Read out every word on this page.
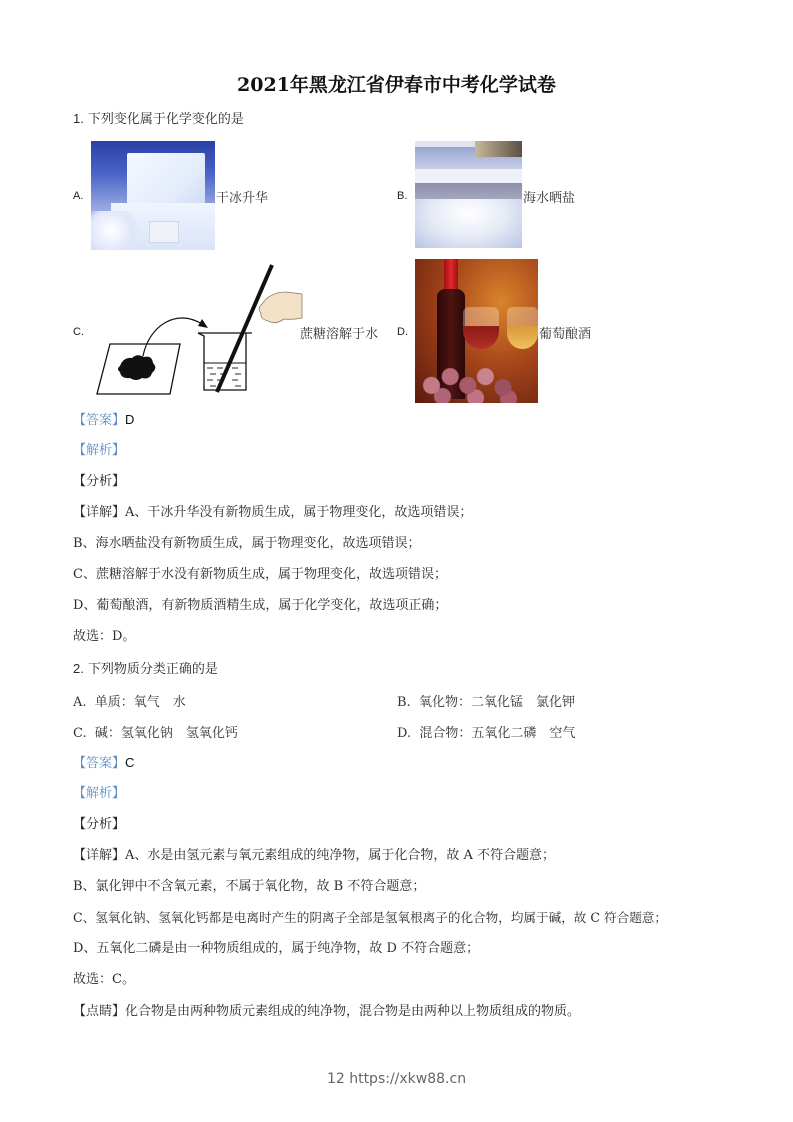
2021年黑龙江省伊春市中考化学试卷
1. 下列变化属于化学变化的是
A.	干冰升华	B.	海水晒盐
C.	蔗糖溶解于水 D.	葡萄酿酒
【答案】D
【解析】
【分析】
【详解】A、干冰升华没有新物质生成，属于物理变化，故选项错误；
B、海水晒盐没有新物质生成，属于物理变化，故选项错误；
C、蔗糖溶解于水没有新物质生成，属于物理变化，故选项错误；
D、葡萄酿酒，有新物质酒精生成，属于化学变化，故选项正确；
故选：D。
2. 下列物质分类正确的是
A. 单质：氧气　水	B. 氧化物：二氧化锰　氯化钾
C. 碱：氢氧化钠　氢氧化钙	D. 混合物：五氧化二磷　空气
【答案】C
【解析】
【分析】
【详解】A、水是由氢元素与氧元素组成的纯净物，属于化合物，故 A 不符合题意；
B、氯化钾中不含氧元素，不属于氧化物，故 B 不符合题意；
C、氢氧化钠、氢氧化钙都是电离时产生的阴离子全部是氢氧根离子的化合物，均属于碱，故 C 符合题意；
D、五氧化二磷是由一种物质组成的，属于纯净物，故 D 不符合题意；
故选：C。
【点睛】化合物是由两种物质元素组成的纯净物，混合物是由两种以上物质组成的物质。
12 https://xkw88.cn
